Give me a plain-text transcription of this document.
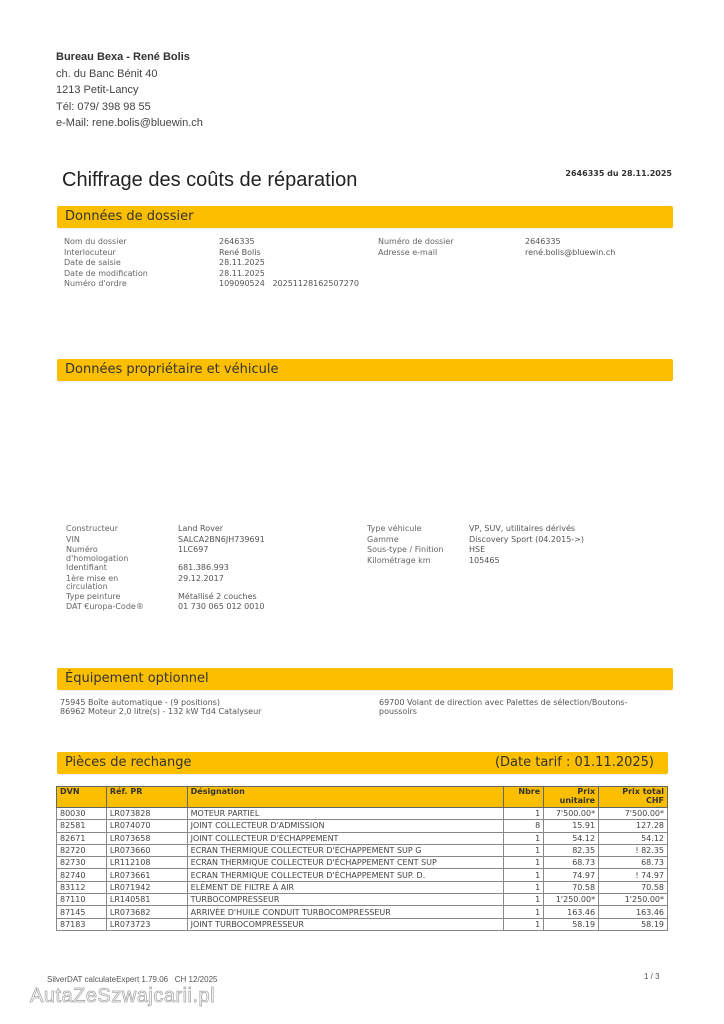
Bureau Bexa - René Bolis
ch. du Banc Bénit 40
1213 Petit-Lancy
Tél: 079/ 398 98 55
e-Mail: rene.bolis@bluewin.ch
Chiffrage des coûts de réparation	2646335 du 28.11.2025
Données de dossier
Nom du dossier	2646335
Interlocuteur	René Bolis
Date de saisie	28.11.2025
Date de modification	28.11.2025
Numéro d'ordre	109090524   20251128162507270
Numéro de dossier	2646335
Adresse e-mail	rené.bolis@bluewin.ch
Données propriétaire et véhicule
Constructeur	Land Rover
VIN	SALCA2BN6JH739691
Numéro d'homologation
1LC697
Identifiant	681.386.993
1ère mise en circulation
29.12.2017
Type peinture	Métallisé 2 couches
DAT €uropa-Code®	01 730 065 012 0010
Type véhicule	VP, SUV, utilitaires dérivés
Gamme	Discovery Sport (04.2015->)
Sous-type / Finition	HSE
Kilométrage km	105465
Équipement optionnel
75945 Boîte automatique - (9 positions)
86962 Moteur 2,0 litre(s) - 132 kW Td4 Catalyseur
69700 Volant de direction avec Palettes de sélection/Boutons-poussoirs
Pièces de rechange	(Date tarif : 01.11.2025)
DVN	Réf. PR	Désignation	Nbre	Prix unitaire	Prix total CHF
80030	LR073828	MOTEUR PARTIEL	1	7'500.00*	7'500.00*
82581	LR074070	JOINT COLLECTEUR D'ADMISSION	8	15.91	127.28
82671	LR073658	JOINT COLLECTEUR D'ÉCHAPPEMENT	1	54.12	54.12
82720	LR073660	ECRAN THERMIQUE COLLECTEUR D'ÉCHAPPEMENT SUP G	1	82.35	! 82.35
82730	LR112108	ECRAN THERMIQUE COLLECTEUR D'ÉCHAPPEMENT CENT SUP	1	68.73	68.73
82740	LR073661	ECRAN THERMIQUE COLLECTEUR D'ÉCHAPPEMENT SUP. D.	1	74.97	! 74.97
83112	LR071942	ELÉMENT DE FILTRE À AIR	1	70.58	70.58
87110	LR140581	TURBOCOMPRESSEUR	1	1'250.00*	1'250.00*
87145	LR073682	ARRIVÉE D'HUILE CONDUIT TURBOCOMPRESSEUR	1	163.46	163.46
87183	LR073723	JOINT TURBOCOMPRESSEUR	1	58.19	58.19
SilverDAT calculateExpert 1.79.06   CH 12/2025	1 / 3
AutaZeSzwajcarii.pl
